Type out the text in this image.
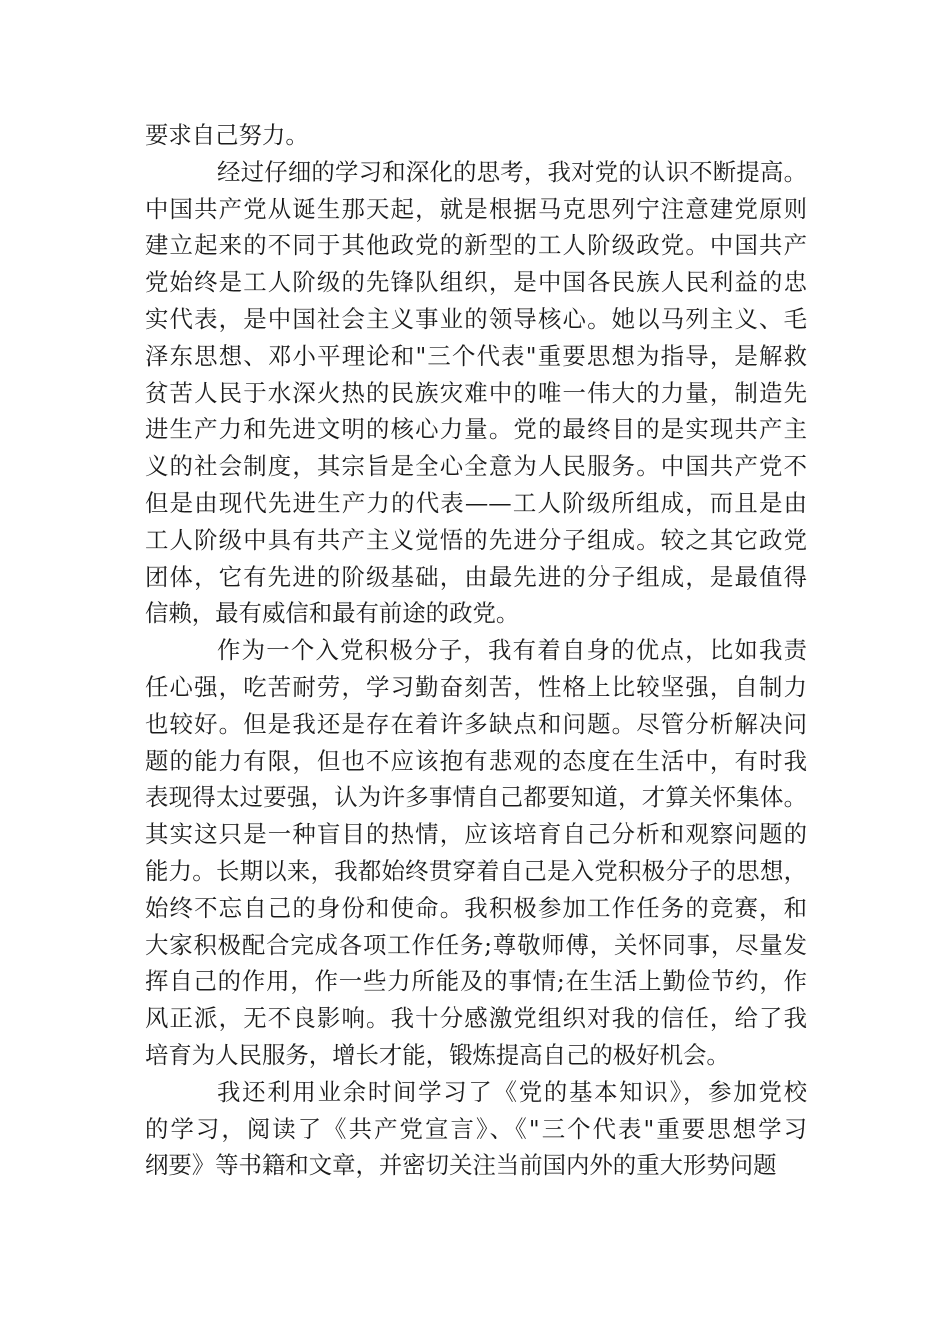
要求自己努力。
经过仔细的学习和深化的思考，我对党的认识不断提高。
中国共产党从诞生那天起，就是根据马克思列宁注意建党原则
建立起来的不同于其他政党的新型的工人阶级政党。中国共产
党始终是工人阶级的先锋队组织，是中国各民族人民利益的忠
实代表，是中国社会主义事业的领导核心。她以马列主义、毛
泽东思想、邓小平理论和"三个代表"重要思想为指导，是解救
贫苦人民于水深火热的民族灾难中的唯一伟大的力量，制造先
进生产力和先进文明的核心力量。党的最终目的是实现共产主
义的社会制度，其宗旨是全心全意为人民服务。中国共产党不
但是由现代先进生产力的代表——工人阶级所组成，而且是由
工人阶级中具有共产主义觉悟的先进分子组成。较之其它政党
团体，它有先进的阶级基础，由最先进的分子组成，是最值得
信赖，最有威信和最有前途的政党。
作为一个入党积极分子，我有着自身的优点，比如我责
任心强，吃苦耐劳，学习勤奋刻苦，性格上比较坚强，自制力
也较好。但是我还是存在着许多缺点和问题。尽管分析解决问
题的能力有限，但也不应该抱有悲观的态度在生活中，有时我
表现得太过要强，认为许多事情自己都要知道，才算关怀集体。
其实这只是一种盲目的热情，应该培育自己分析和观察问题的
能力。长期以来，我都始终贯穿着自己是入党积极分子的思想，
始终不忘自己的身份和使命。我积极参加工作任务的竞赛，和
大家积极配合完成各项工作任务;尊敬师傅，关怀同事，尽量发
挥自己的作用，作一些力所能及的事情;在生活上勤俭节约，作
风正派，无不良影响。我十分感激党组织对我的信任，给了我
培育为人民服务，增长才能，锻炼提高自己的极好机会。
我还利用业余时间学习了《党的基本知识》，参加党校
的学习，阅读了《共产党宣言》、《"三个代表"重要思想学习
纲要》等书籍和文章，并密切关注当前国内外的重大形势问题
